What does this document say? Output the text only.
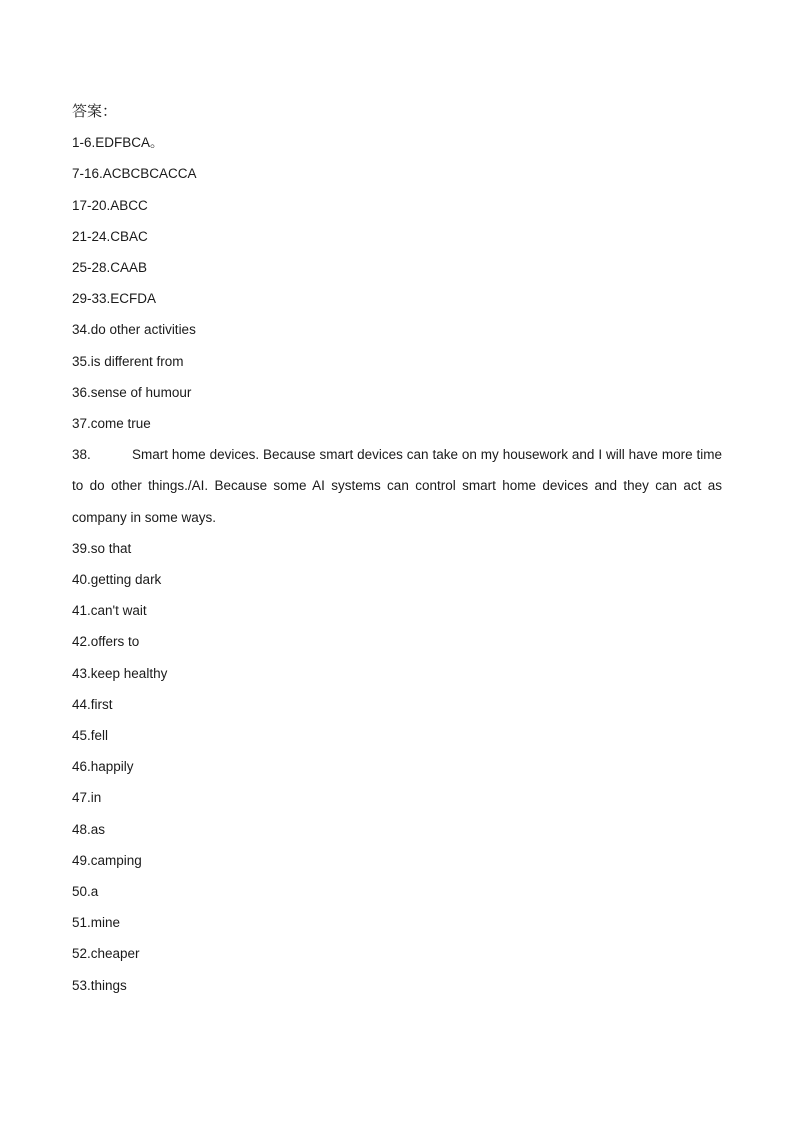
答案：
1-6.EDFBCA。
7-16.ACBCBCACCA
17-20.ABCC
21-24.CBAC
25-28.CAAB
29-33.ECFDA
34.do other activities
35.is different from
36.sense of humour
37.come true

38.	Smart home devices. Because smart devices can take on my housework and I will have more time to do other things./AI. Because some AI systems can control smart home devices and they can act as company in some ways.

39.so that
40.getting dark
41.can't wait
42.offers to
43.keep healthy
44.first
45.fell
46.happily
47.in
48.as
49.camping
50.a
51.mine
52.cheaper
53.things
